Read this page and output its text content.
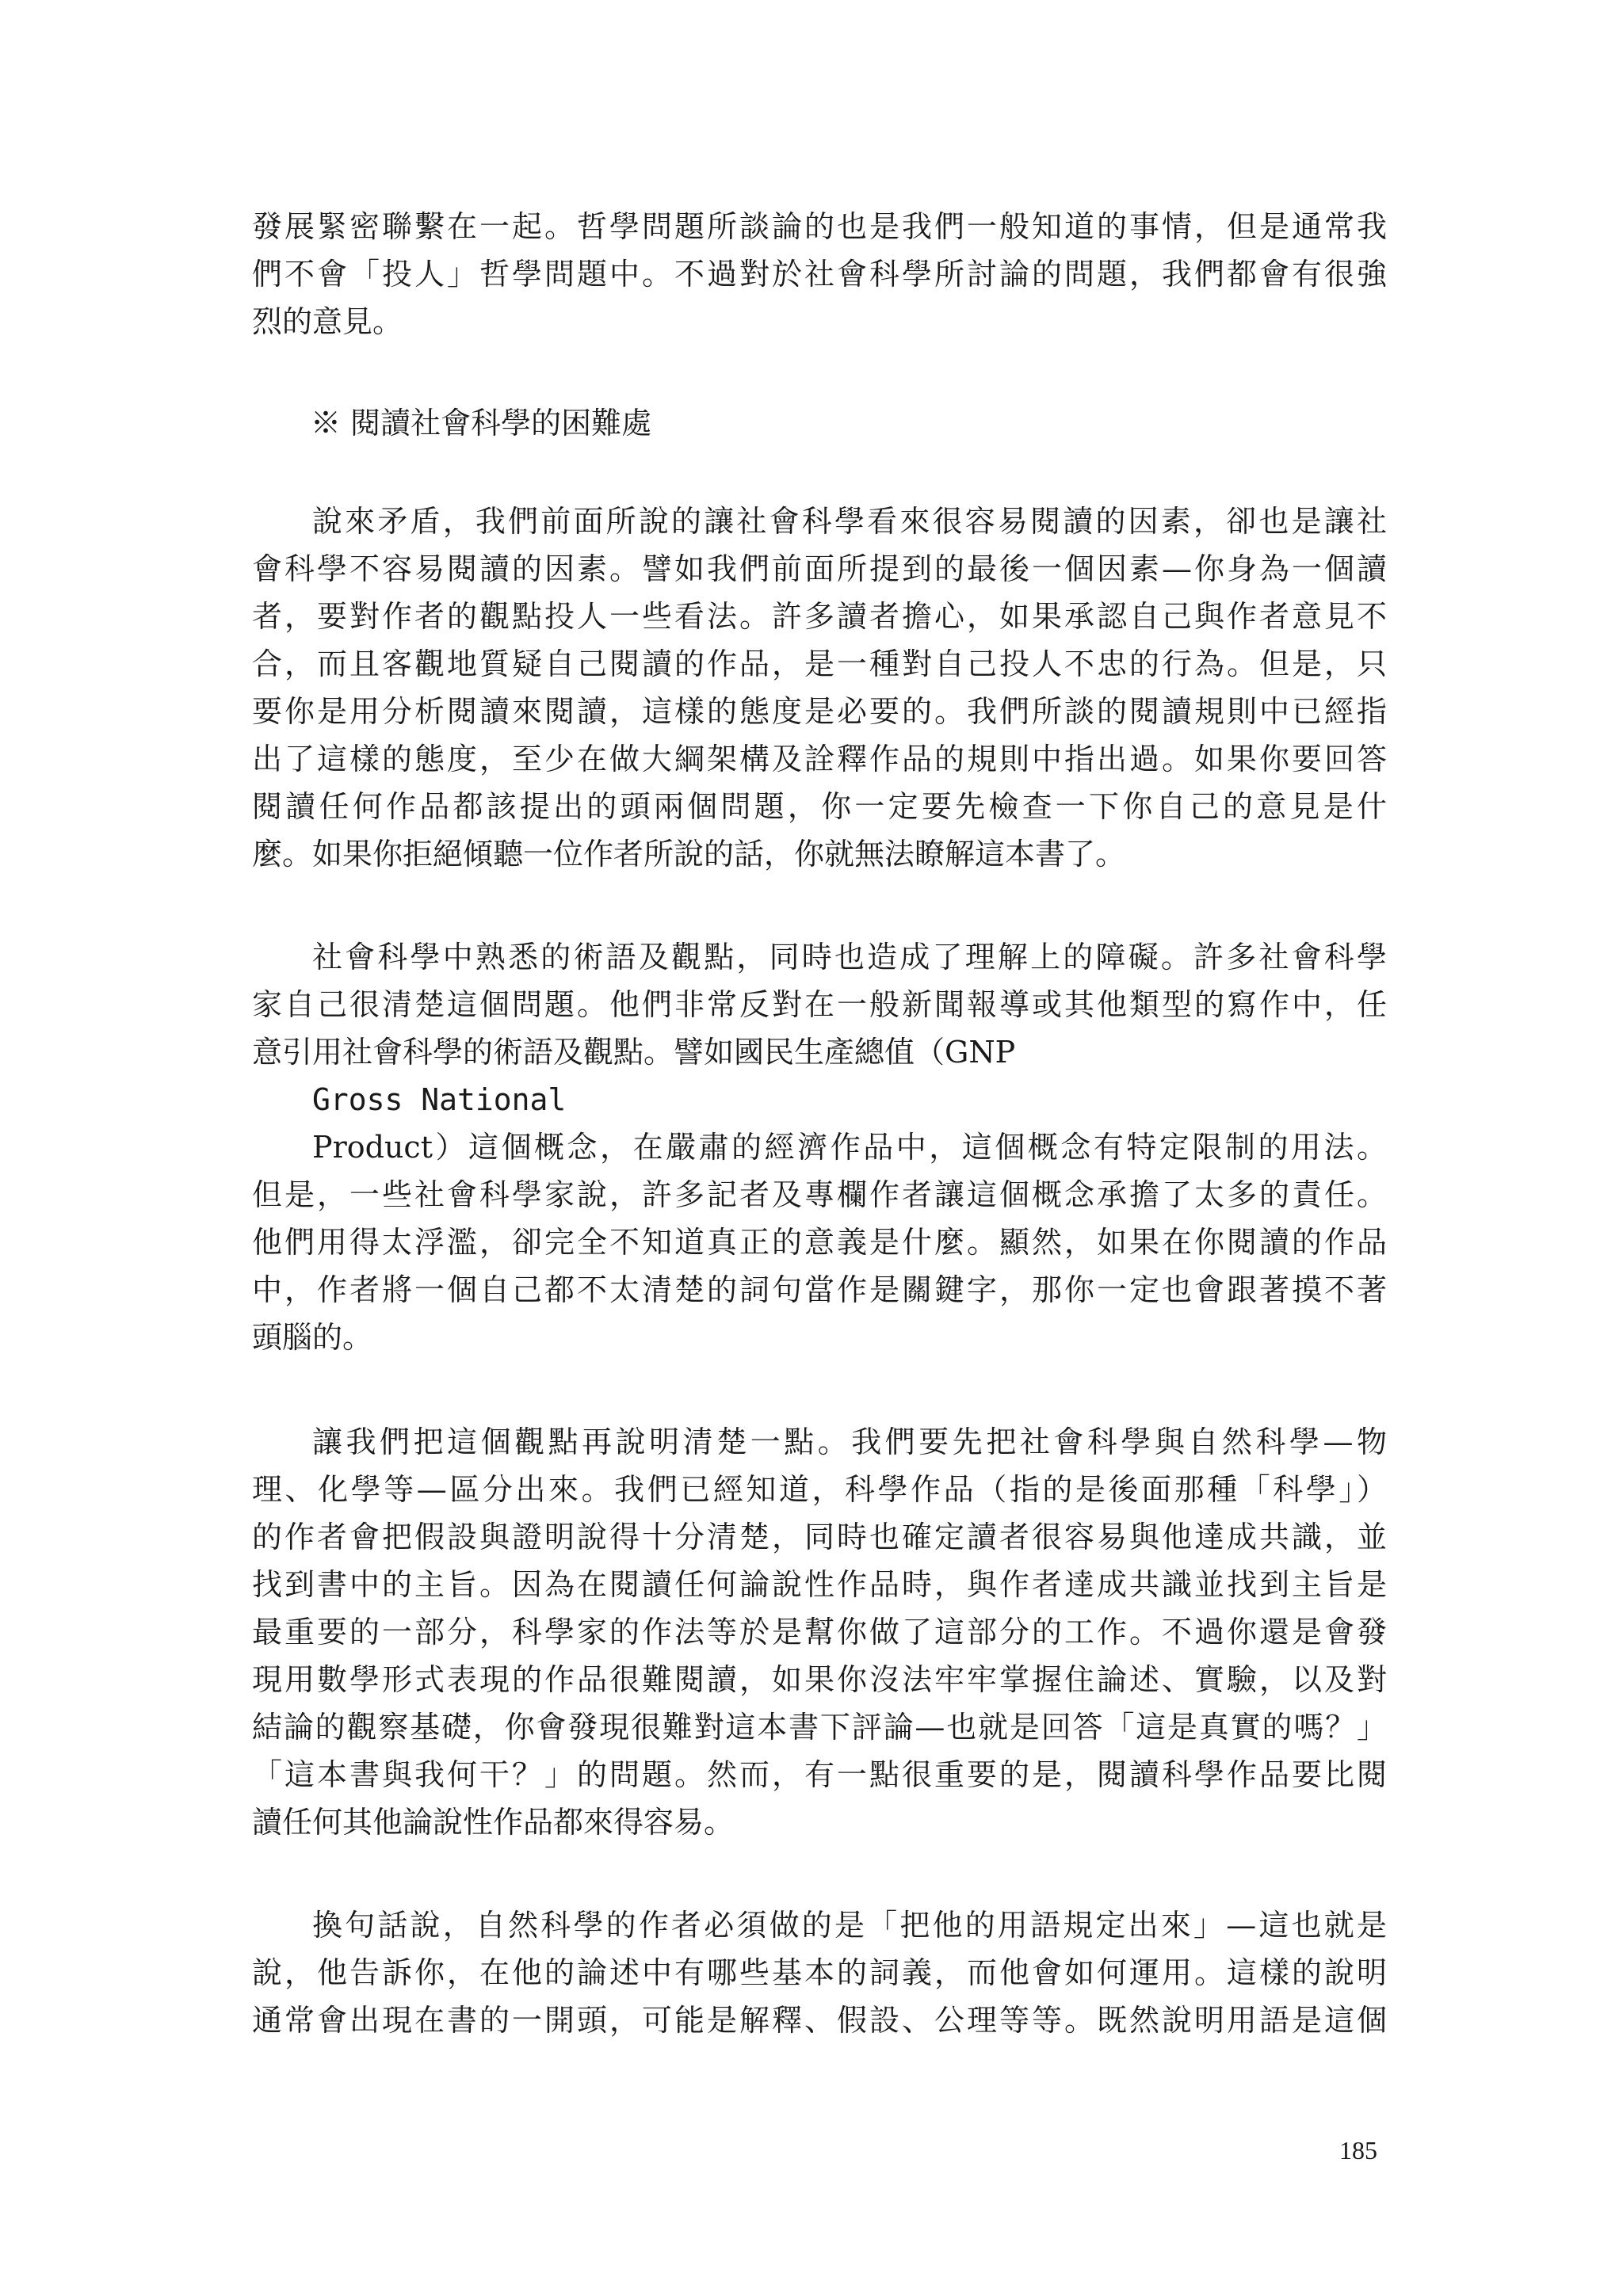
發展緊密聯繫在一起。哲學問題所談論的也是我們一般知道的事情，但是通常我
們不會「投人」哲學問題中。不過對於社會科學所討論的問題，我們都會有很強
烈的意見。
※ 閱讀社會科學的困難處
說來矛盾，我們前面所說的讓社會科學看來很容易閱讀的因素，卻也是讓社
會科學不容易閱讀的因素。譬如我們前面所提到的最後一個因素—你身為一個讀
者，要對作者的觀點投人一些看法。許多讀者擔心，如果承認自己與作者意見不
合，而且客觀地質疑自己閱讀的作品，是一種對自己投人不忠的行為。但是，只
要你是用分析閱讀來閱讀，這樣的態度是必要的。我們所談的閱讀規則中已經指
出了這樣的態度，至少在做大綱架構及詮釋作品的規則中指出過。如果你要回答
閱讀任何作品都該提出的頭兩個問題，你一定要先檢查一下你自己的意見是什
麼。如果你拒絕傾聽一位作者所說的話，你就無法瞭解這本書了。
社會科學中熟悉的術語及觀點，同時也造成了理解上的障礙。許多社會科學
家自己很清楚這個問題。他們非常反對在一般新聞報導或其他類型的寫作中，任
意引用社會科學的術語及觀點。譬如國民生產總值（GNP
Gross National
Product）這個概念，在嚴肅的經濟作品中，這個概念有特定限制的用法。
但是，一些社會科學家說，許多記者及專欄作者讓這個概念承擔了太多的責任。
他們用得太浮濫，卻完全不知道真正的意義是什麼。顯然，如果在你閱讀的作品
中，作者將一個自己都不太清楚的詞句當作是關鍵字，那你一定也會跟著摸不著
頭腦的。
讓我們把這個觀點再說明清楚一點。我們要先把社會科學與自然科學—物
理、化學等—區分出來。我們已經知道，科學作品（指的是後面那種「科學」）
的作者會把假設與證明說得十分清楚，同時也確定讀者很容易與他達成共識，並
找到書中的主旨。因為在閱讀任何論說性作品時，與作者達成共識並找到主旨是
最重要的一部分，科學家的作法等於是幫你做了這部分的工作。不過你還是會發
現用數學形式表現的作品很難閱讀，如果你沒法牢牢掌握住論述、實驗，以及對
結論的觀察基礎，你會發現很難對這本書下評論—也就是回答「這是真實的嗎？」
「這本書與我何干？」的問題。然而，有一點很重要的是，閱讀科學作品要比閱
讀任何其他論說性作品都來得容易。
換句話說，自然科學的作者必須做的是「把他的用語規定出來」—這也就是
說，他告訴你，在他的論述中有哪些基本的詞義，而他會如何運用。這樣的說明
通常會出現在書的一開頭，可能是解釋、假設、公理等等。既然說明用語是這個
185
